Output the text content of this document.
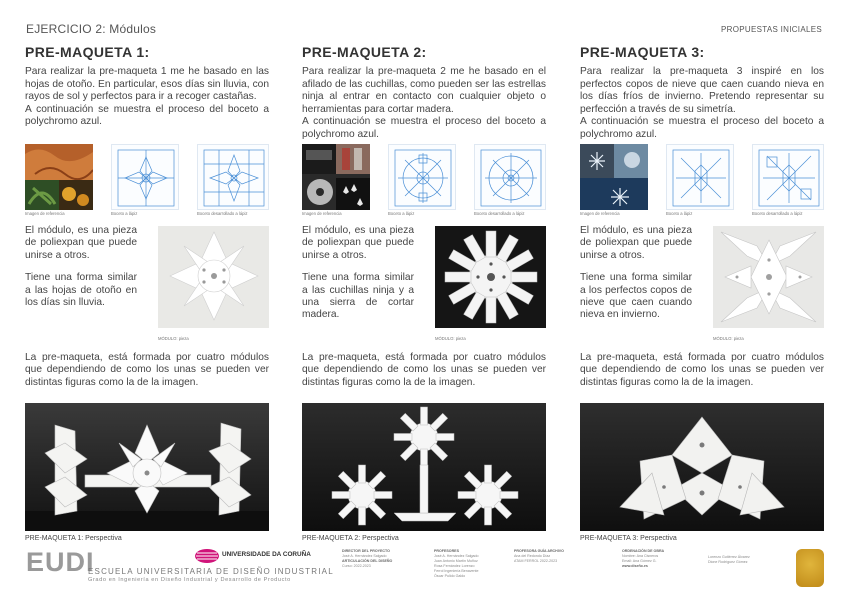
EJERCICIO 2: Módulos	PROPUESTAS INICIALES
PRE-MAQUETA 1:

Para realizar la pre-maqueta 1 me he basado en las hojas de otoño. En particular, esos días sin lluvia, con rayos de sol y perfectos para ir a recoger castañas.

A continuación se muestra el proceso del boceto a polychromo azul.

Imagen de referencia	Boceto a lápiz	Boceto desarrollado a lápiz

El módulo, es una pieza de poliexpan que puede unirse a otros.

Tiene una forma similar a las hojas de otoño en los días sin lluvia.

MÓDULO: pieza
La pre-maqueta, está formada por cuatro módulos que dependiendo de como los unas se pueden ver distintas figuras como la de la imagen.
PRE-MAQUETA 1: Perspectiva
PRE-MAQUETA 2:

Para realizar la pre-maqueta 2 me he basado en el afilado de las cuchillas, como pueden ser las estrellas ninja al entrar en contacto con cualquier objeto o herramientas para cortar madera.

A continuación se muestra el proceso del boceto a polychromo azul.

Imagen de referencia	Boceto a lápiz	Boceto desarrollado a lápiz

El módulo, es una pieza de poliexpan que puede unirse a otros.

Tiene una forma similar a las cuchillas ninja y a una sierra de cortar madera.

MÓDULO: pieza
La pre-maqueta, está formada por cuatro módulos que dependiendo de como los unas se pueden ver distintas figuras como la de la imagen.
PRE-MAQUETA 2: Perspectiva
PRE-MAQUETA 3:

Para realizar la pre-maqueta 3 inspiré en los perfectos copos de nieve que caen cuando nieva en los días fríos de invierno. Pretendo representar su perfección a través de su simetría.

A continuación se muestra el proceso del boceto a polychromo azul.

Imagen de referencia	Boceto a lápiz	Boceto desarrollado a lápiz

El módulo, es una pieza de poliexpan que puede unirse a otros.

Tiene una forma similar a los perfectos copos de nieve que caen cuando nieva en invierno.

MÓDULO: pieza
La pre-maqueta, está formada por cuatro módulos que dependiendo de como los unas se pueden ver distintas figuras como la de la imagen.
PRE-MAQUETA 3: Perspectiva
EUDI
ESCUELA UNIVERSITARIA DE DISEÑO INDUSTRIAL
Grado en Ingeniería en Diseño Industrial y Desarrollo de Producto
UNIVERSIDADE DA CORUÑA	DIRECTOR DEL PROYECTO
José A. Hernández Salgado
ARTICULACIÓN DEL DISEÑO
Curso: 2022-2023
PROFESORES
José A. Hernández Salgado
Juan Antonio Martín Muñoz
Rosa Fernández Lorenzo
Ferrol Ingeniería Benavente
Óscar Pulido Galdo
PROFESORA GUÍA ARCHIVO
Ana del Redondo Díaz
ATAM FERROL 2022-2023
ORDENACIÓN DE OBRA
Nombre: Ana Cisneros
Email: Ana Gómez G.
www.diseño.es
Lorenzo Gutiérrez Álvarez
Dione Rodríguez Gómez
